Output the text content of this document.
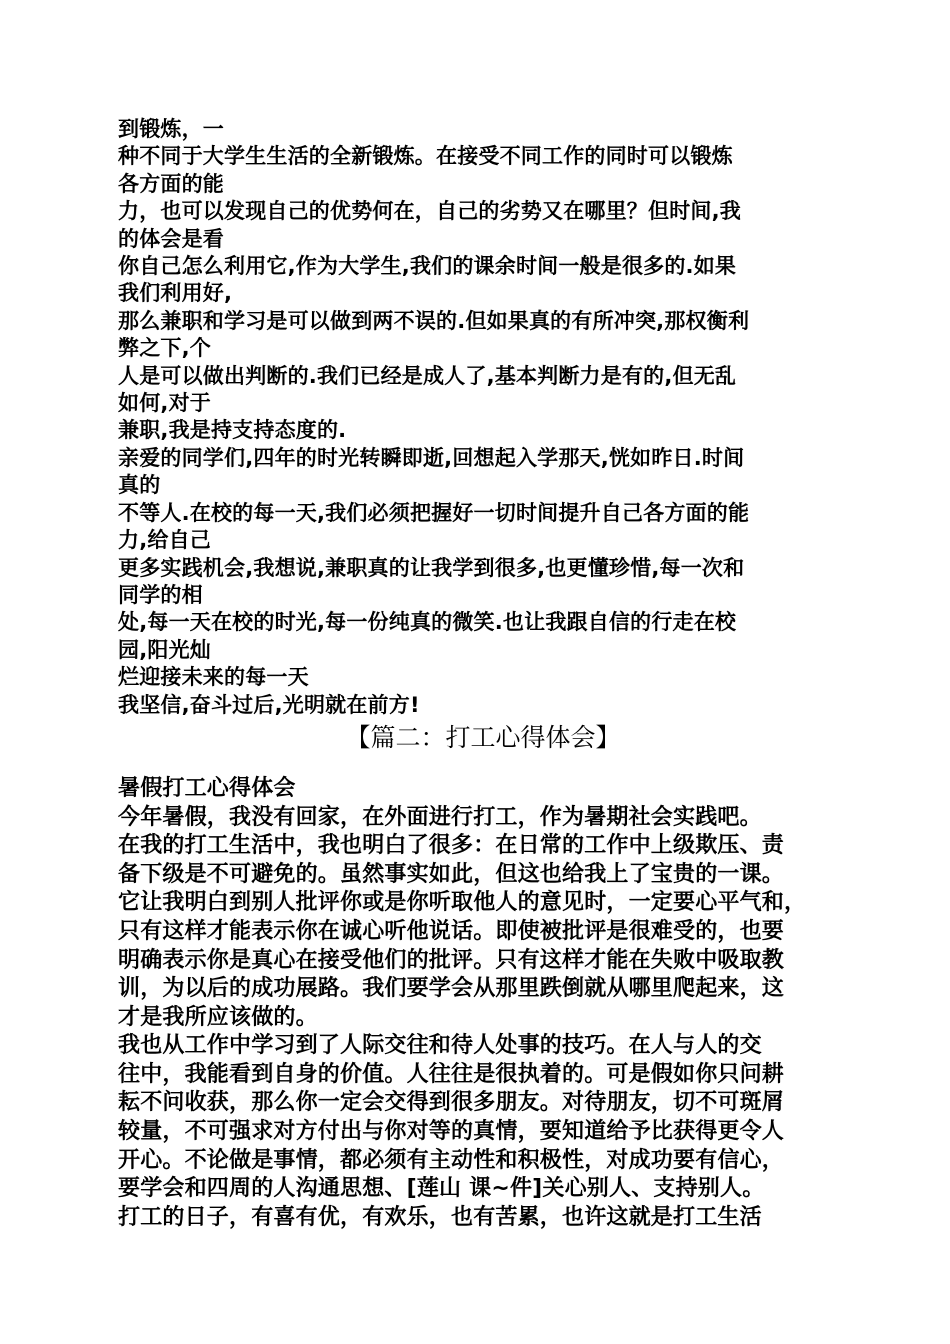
到锻炼，一
种不同于大学生生活的全新锻炼。在接受不同工作的同时可以锻炼
各方面的能
力，也可以发现自己的优势何在，自己的劣势又在哪里？但时间,我
的体会是看
你自己怎么利用它,作为大学生,我们的课余时间一般是很多的.如果
我们利用好,
那么兼职和学习是可以做到两不误的.但如果真的有所冲突,那权衡利
弊之下,个
人是可以做出判断的.我们已经是成人了,基本判断力是有的,但无乱
如何,对于
兼职,我是持支持态度的.
亲爱的同学们,四年的时光转瞬即逝,回想起入学那天,恍如昨日.时间
真的
不等人.在校的每一天,我们必须把握好一切时间提升自己各方面的能
力,给自己
更多实践机会,我想说,兼职真的让我学到很多,也更懂珍惜,每一次和
同学的相
处,每一天在校的时光,每一份纯真的微笑.也让我跟自信的行走在校
园,阳光灿
烂迎接未来的每一天
我坚信,奋斗过后,光明就在前方!
【篇二：打工心得体会】
暑假打工心得体会
今年暑假，我没有回家，在外面进行打工，作为暑期社会实践吧。
在我的打工生活中，我也明白了很多：在日常的工作中上级欺压、责
备下级是不可避免的。虽然事实如此，但这也给我上了宝贵的一课。
它让我明白到别人批评你或是你听取他人的意见时，一定要心平气和，
只有这样才能表示你在诚心听他说话。即使被批评是很难受的，也要
明确表示你是真心在接受他们的批评。只有这样才能在失败中吸取教
训，为以后的成功展路。我们要学会从那里跌倒就从哪里爬起来，这
才是我所应该做的。
我也从工作中学习到了人际交往和待人处事的技巧。在人与人的交
往中，我能看到自身的价值。人往往是很执着的。可是假如你只问耕
耘不问收获，那么你一定会交得到很多朋友。对待朋友，切不可斑屑
较量，不可强求对方付出与你对等的真情，要知道给予比获得更令人
开心。不论做是事情，都必须有主动性和积极性，对成功要有信心，
要学会和四周的人沟通思想、[莲山 课~件]关心别人、支持别人。
打工的日子，有喜有优，有欢乐，也有苦累，也许这就是打工生活
